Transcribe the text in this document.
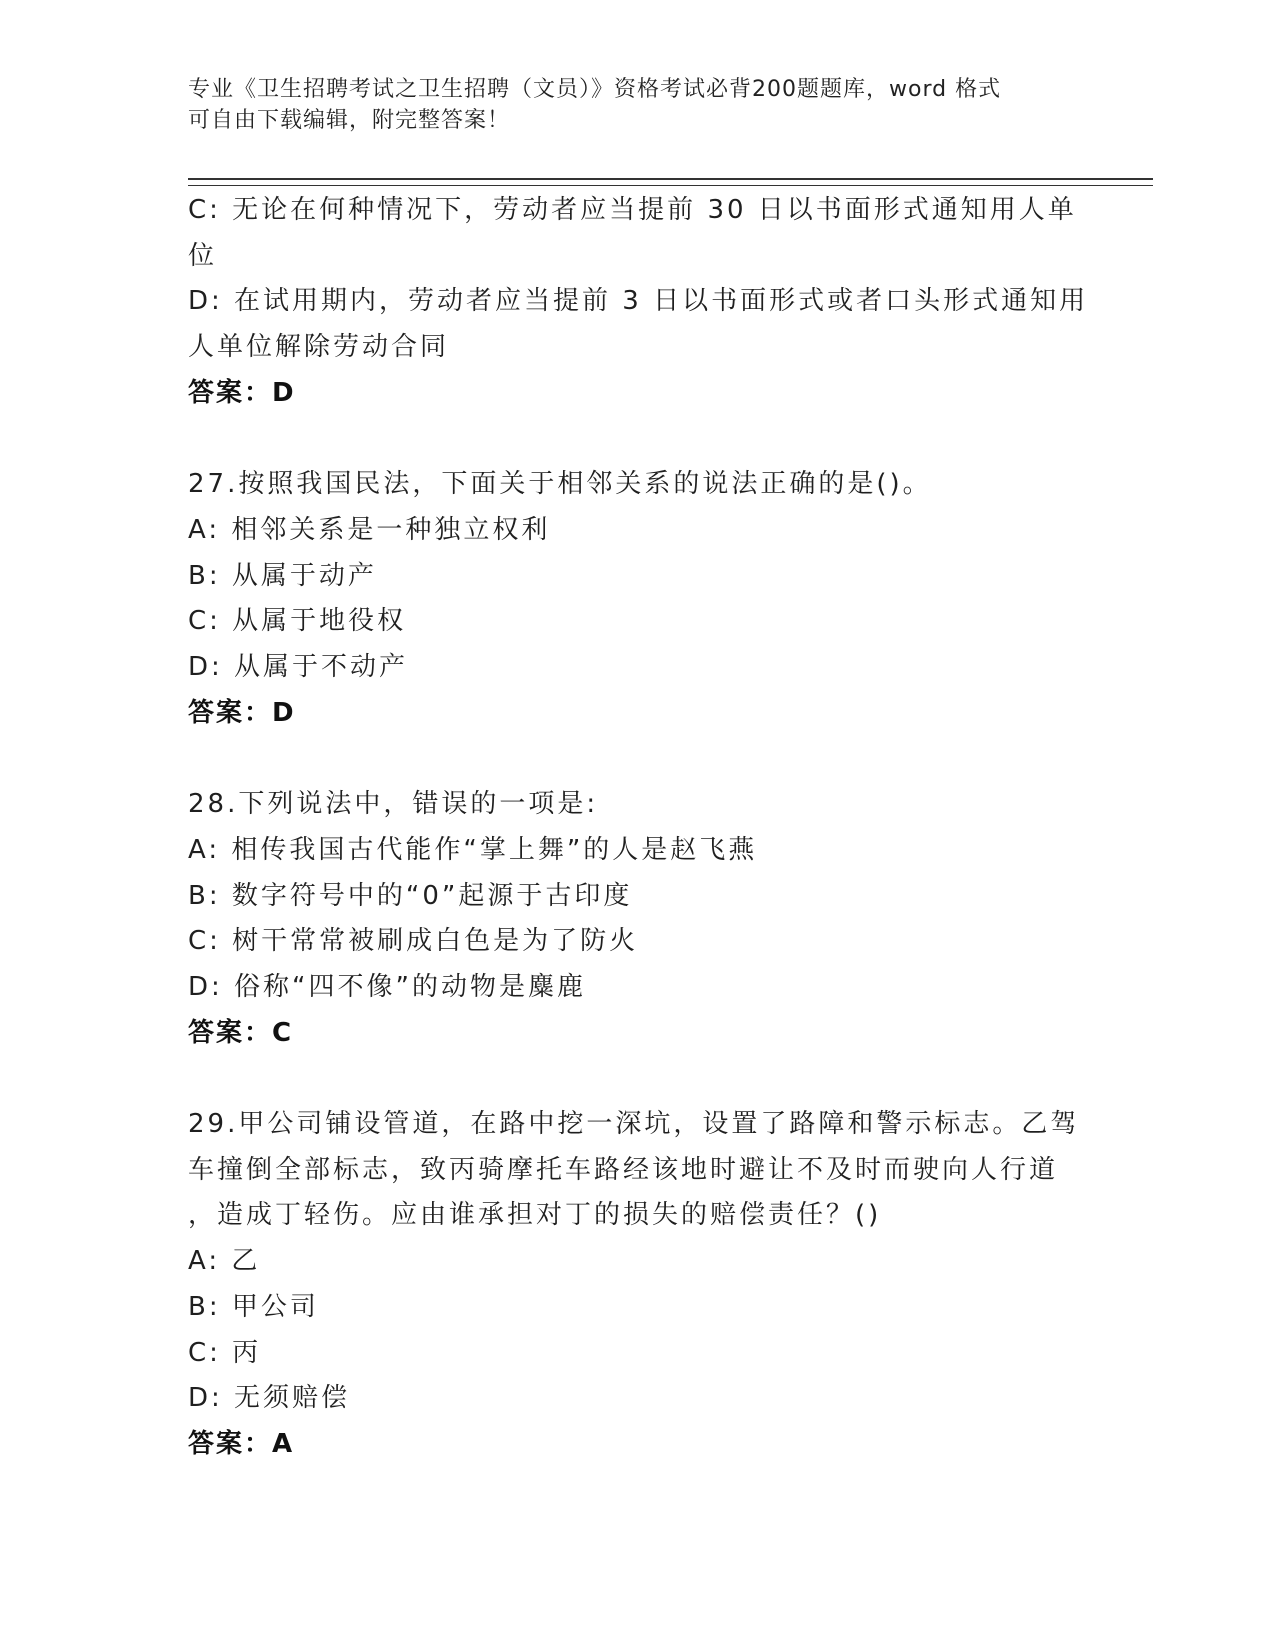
专业《卫生招聘考试之卫生招聘（文员）》资格考试必背200题题库，word 格式
可自由下载编辑，附完整答案！
C: 无论在何种情况下，劳动者应当提前 30 日以书面形式通知用人单
位
D: 在试用期内，劳动者应当提前 3 日以书面形式或者口头形式通知用
人单位解除劳动合同
答案：D
27.按照我国民法，下面关于相邻关系的说法正确的是()。
A: 相邻关系是一种独立权利
B: 从属于动产
C: 从属于地役权
D: 从属于不动产
答案：D
28.下列说法中，错误的一项是:
A: 相传我国古代能作“掌上舞”的人是赵飞燕
B: 数字符号中的“0”起源于古印度
C: 树干常常被刷成白色是为了防火
D: 俗称“四不像”的动物是麋鹿
答案：C
29.甲公司铺设管道，在路中挖一深坑，设置了路障和警示标志。乙驾
车撞倒全部标志，致丙骑摩托车路经该地时避让不及时而驶向人行道
，造成丁轻伤。应由谁承担对丁的损失的赔偿责任？()
A: 乙
B: 甲公司
C: 丙
D: 无须赔偿
答案：A
